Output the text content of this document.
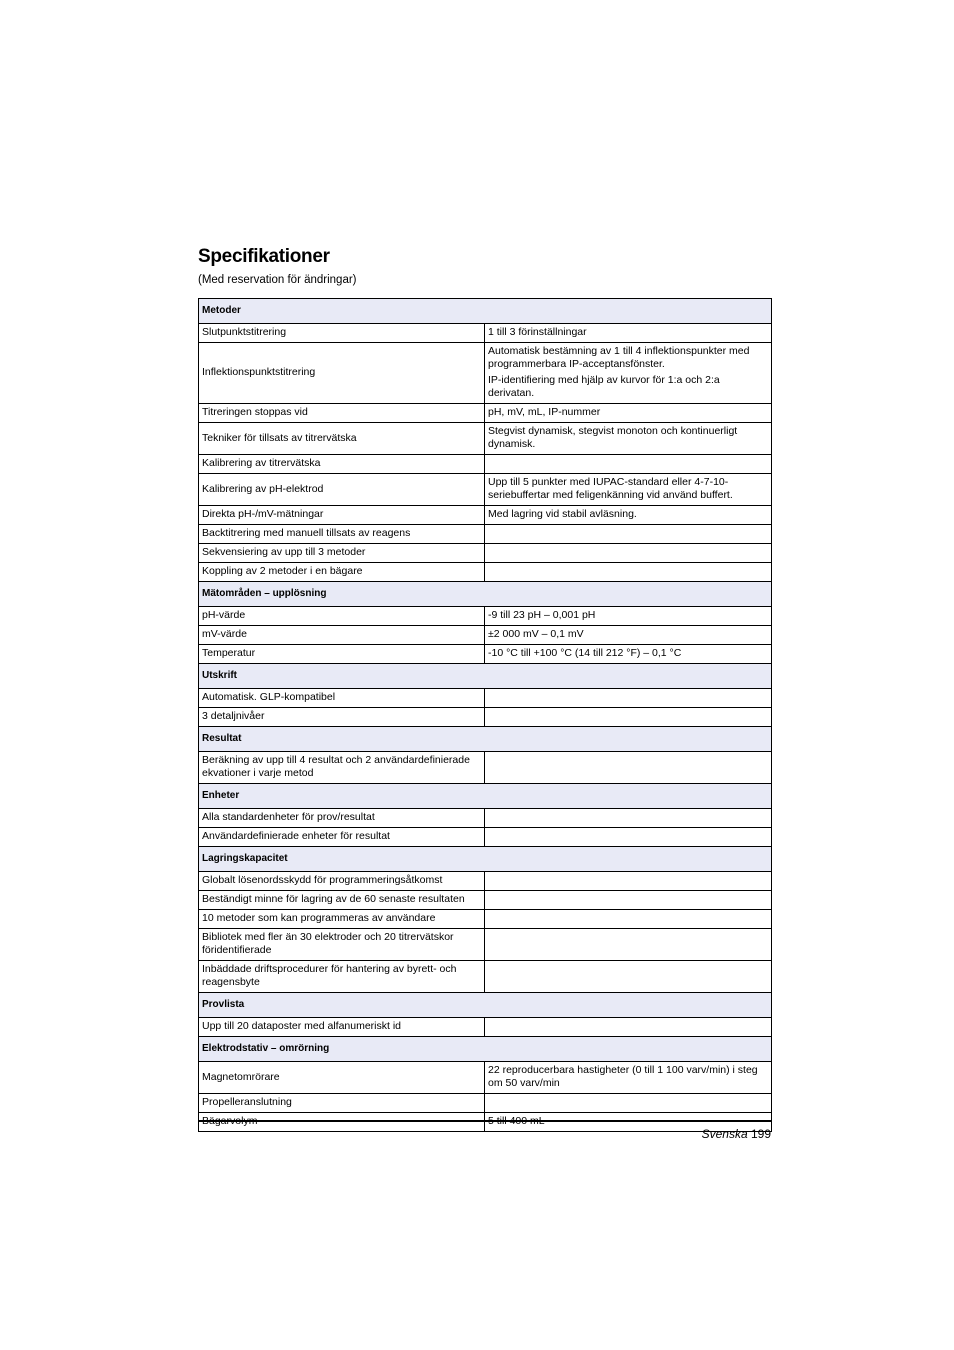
Specifikationer

(Med reservation för ändringar)

Metoder	
Slutpunktstitrering	1 till 3 förinställningar

Inflektionspunktstitrering	Automatisk bestämning av 1 till 4 inflektionspunkter med programmerbara IP-acceptansfönster.

IP-identifiering med hjälp av kurvor för 1:a och 2:a derivatan.

Titreringen stoppas vid	pH, mV, mL, IP-nummer

Tekniker för tillsats av titrervätska	Stegvist dynamisk, stegvist monoton och kontinuerligt dynamisk.

Kalibrering av titrervätska	
Kalibrering av pH-elektrod	Upp till 5 punkter med IUPAC-standard eller 4-7-10-seriebuffertar med feligenkänning vid använd buffert.

Direkta pH-/mV-mätningar	Med lagring vid stabil avläsning.

Backtitrering med manuell tillsats av reagens	
Sekvensiering av upp till 3 metoder	
Koppling av 2 metoder i en bägare	
Mätområden – upplösning	
pH-värde	-9 till 23 pH – 0,001 pH

mV-värde	±2 000 mV – 0,1 mV

Temperatur	-10 °C till +100 °C (14 till 212 °F) – 0,1 °C

Utskrift	
Automatisk. GLP-kompatibel	
3 detaljnivåer	
Resultat	
Beräkning av upp till 4 resultat och 2 användardefinierade ekvationer i varje metod	
Enheter	
Alla standardenheter för prov/resultat	
Användardefinierade enheter för resultat	
Lagringskapacitet	
Globalt lösenordsskydd för programmeringsåtkomst	
Beständigt minne för lagring av de 60 senaste resultaten	
10 metoder som kan programmeras av användare	
Bibliotek med fler än 30 elektroder och 20 titrervätskor föridentifierade	
Inbäddade driftsprocedurer för hantering av byrett- och reagensbyte	
Provlista	
Upp till 20 dataposter med alfanumeriskt id	
Elektrodstativ – omrörning	
Magnetomrörare	22 reproducerbara hastigheter (0 till 1 100 varv/min) i steg om 50 varv/min

Propelleranslutning	
Bägarvolym	5 till 400 mL

Svenska 199
